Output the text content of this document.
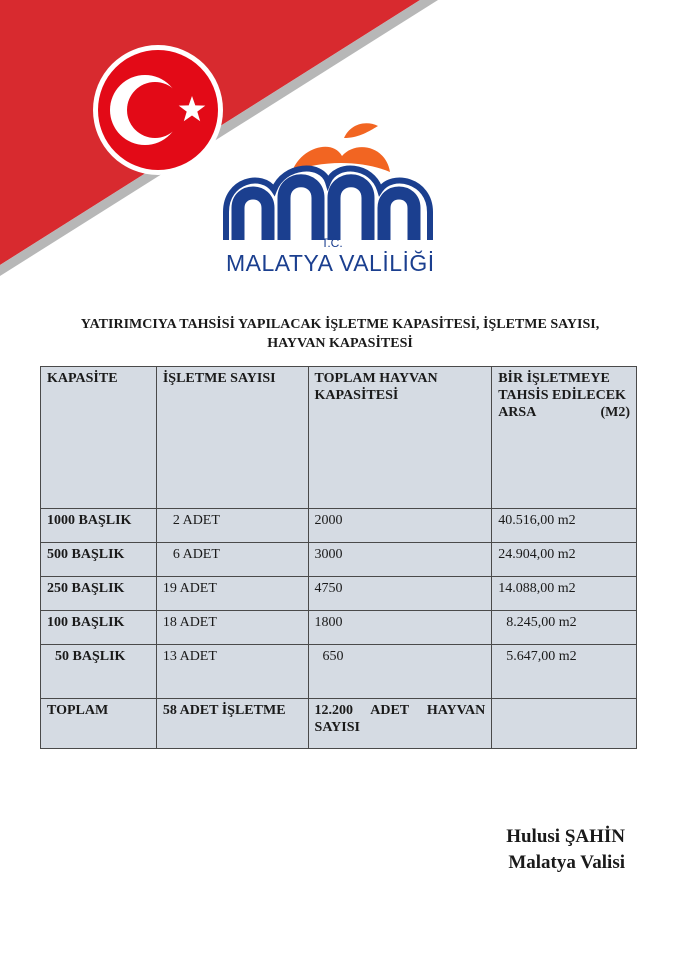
T.C.
MALATYA VALİLİĞİ
YATIRIMCIYA TAHSİSİ YAPILACAK İŞLETME KAPASİTESİ, İŞLETME SAYISI,
HAYVAN KAPASİTESİ
KAPASİTE	İŞLETME SAYISI	TOPLAM HAYVAN KAPASİTESİ	BİR İŞLETMEYE TAHSİS EDİLECEK ARSA (M2)
1000 BAŞLIK	2 ADET	2000	40.516,00 m2
500 BAŞLIK	6 ADET	3000	24.904,00 m2
250 BAŞLIK	19 ADET	4750	14.088,00 m2
100 BAŞLIK	18 ADET	1800	8.245,00 m2
50 BAŞLIK	13 ADET	650	5.647,00 m2
TOPLAM	58 ADET İŞLETME	12.200 ADET HAYVAN SAYISI	
Hulusi ŞAHİN
Malatya Valisi
